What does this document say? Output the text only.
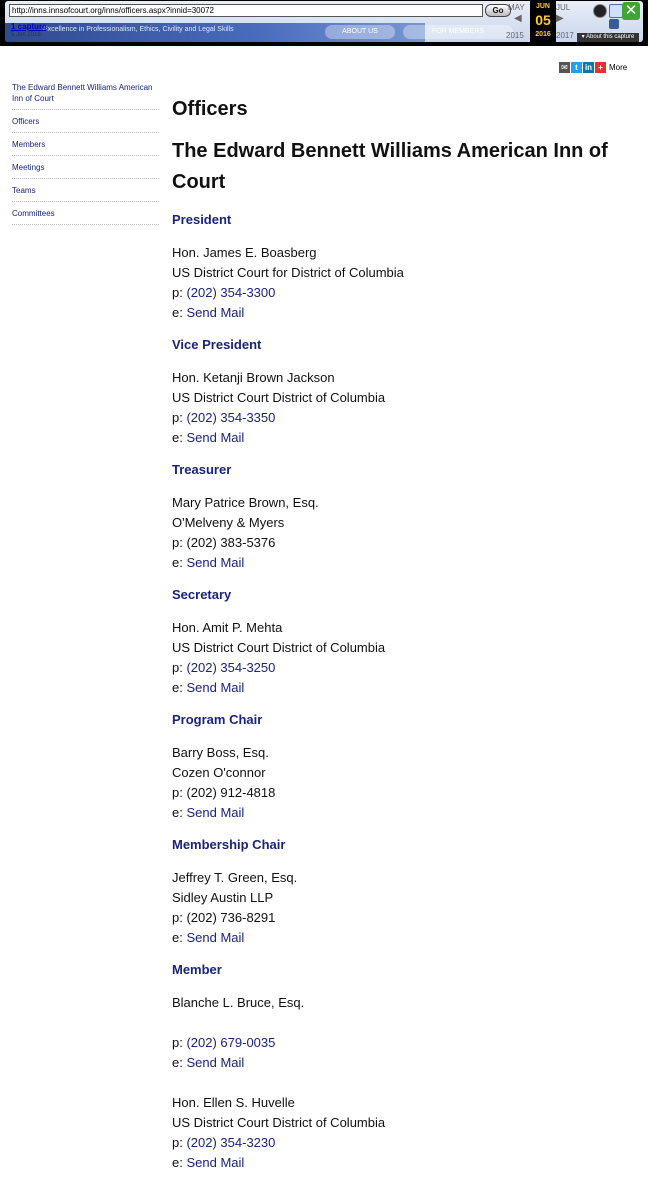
Excellence in Professionalism, Ethics, Civility and Legal Skills	ABOUT US	FOR MEMBERS
http://inns.innsofcourt.org/inns/officers.aspx?innid=30072	Go
1 capture
5 Jun 2016
MAY
◀
2015
JUN
05
2016
JUL
▶
2017	▾ About this capture
✕
✉ t in + More
The Edward Bennett Williams American Inn of Court
Officers
Members
Meetings
Teams
Committees
Officers
The Edward Bennett Williams American Inn of Court
President
Hon. James E. Boasberg
US District Court for District of Columbia
p: (202) 354-3300
e: Send Mail
Vice President
Hon. Ketanji Brown Jackson
US District Court District of Columbia
p: (202) 354-3350
e: Send Mail
Treasurer
Mary Patrice Brown, Esq.
O'Melveny & Myers
p: (202) 383-5376
e: Send Mail
Secretary
Hon. Amit P. Mehta
US District Court District of Columbia
p: (202) 354-3250
e: Send Mail
Program Chair
Barry Boss, Esq.
Cozen O'connor
p: (202) 912-4818
e: Send Mail
Membership Chair
Jeffrey T. Green, Esq.
Sidley Austin LLP
p: (202) 736-8291
e: Send Mail
Member
Blanche L. Bruce, Esq.
p: (202) 679-0035
e: Send Mail
Hon. Ellen S. Huvelle
US District Court District of Columbia
p: (202) 354-3230
e: Send Mail
